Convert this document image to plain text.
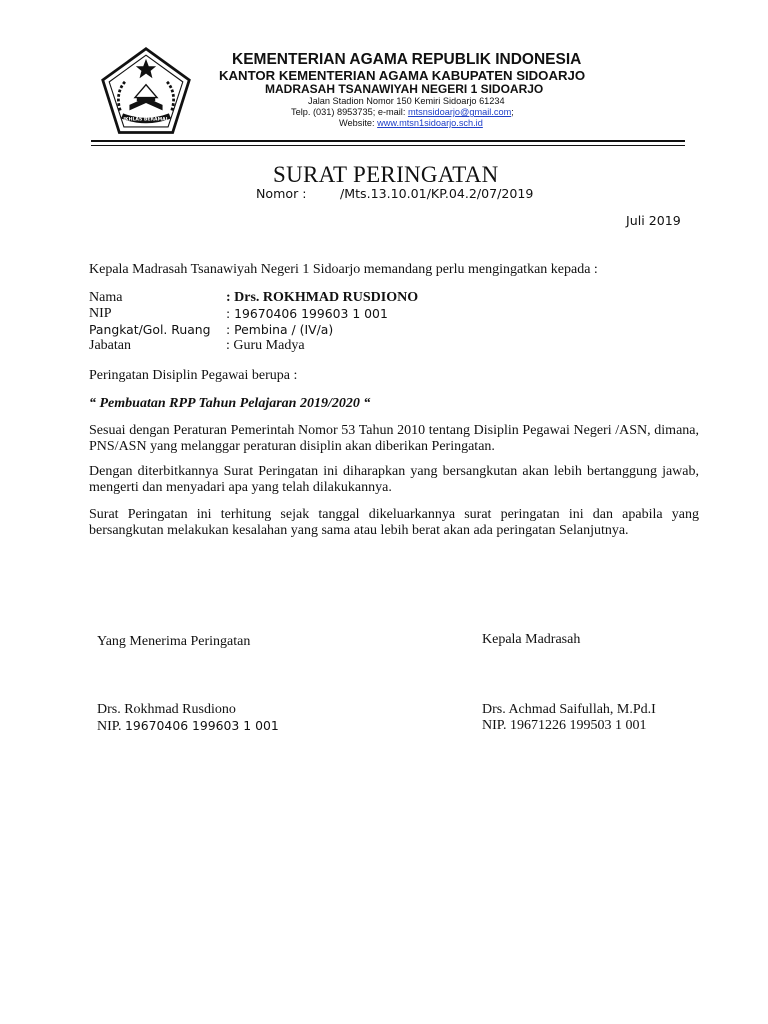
IKHLAS BERAMAL
KEMENTERIAN AGAMA REPUBLIK INDONESIA
KANTOR KEMENTERIAN AGAMA KABUPATEN SIDOARJO
MADRASAH TSANAWIYAH NEGERI 1 SIDOARJO
Jalan Stadion Nomor 150 Kemiri Sidoarjo 61234
Telp. (031) 8953735; e-mail: mtsnsidoarjo@gmail.com;
Website: www.mtsn1sidoarjo.sch.id
SURAT PERINGATAN
Nomor :	/Mts.13.10.01/KP.04.2/07/2019
Juli 2019
Kepala Madrasah Tsanawiyah Negeri 1 Sidoarjo memandang perlu mengingatkan kepada :
Nama	: Drs. ROKHMAD RUSDIONO
NIP	: 19670406 199603 1 001
Pangkat/Gol. Ruang : Pembina / (IV/a)
Jabatan	: Guru Madya
Peringatan Disiplin Pegawai berupa :
“ Pembuatan RPP Tahun Pelajaran 2019/2020 “
Sesuai dengan Peraturan Pemerintah Nomor 53 Tahun 2010 tentang Disiplin Pegawai Negeri /ASN, dimana, PNS/ASN yang melanggar peraturan disiplin akan diberikan Peringatan.
Dengan diterbitkannya Surat Peringatan ini diharapkan yang bersangkutan akan lebih bertanggung jawab, mengerti dan menyadari apa yang telah dilakukannya.
Surat Peringatan ini terhitung sejak tanggal dikeluarkannya surat peringatan ini dan apabila yang bersangkutan melakukan kesalahan yang sama atau lebih berat akan ada peringatan Selanjutnya.
Yang Menerima Peringatan	Kepala Madrasah
Drs. Rokhmad Rusdiono
NIP. 19670406 199603 1 001
Drs. Achmad Saifullah, M.Pd.I
NIP. 19671226 199503 1 001
